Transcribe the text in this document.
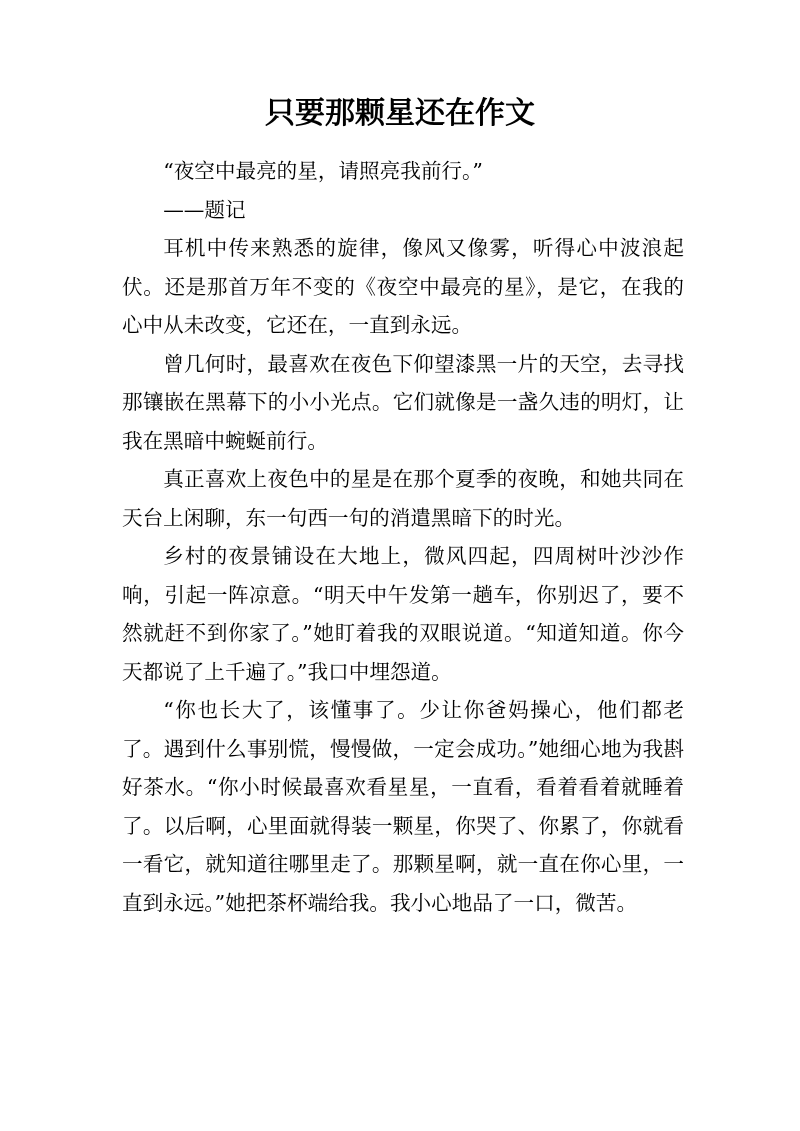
只要那颗星还在作文

“夜空中最亮的星，请照亮我前行。”

——题记

耳机中传来熟悉的旋律，像风又像雾，听得心中波浪起伏。还是那首万年不变的《夜空中最亮的星》，是它，在我的心中从未改变，它还在，一直到永远。

曾几何时，最喜欢在夜色下仰望漆黑一片的天空，去寻找那镶嵌在黑幕下的小小光点。它们就像是一盏久违的明灯，让我在黑暗中蜿蜒前行。

真正喜欢上夜色中的星是在那个夏季的夜晚，和她共同在天台上闲聊，东一句西一句的消遣黑暗下的时光。

乡村的夜景铺设在大地上，微风四起，四周树叶沙沙作响，引起一阵凉意。“明天中午发第一趟车，你别迟了，要不然就赶不到你家了。”她盯着我的双眼说道。“知道知道。你今天都说了上千遍了。”我口中埋怨道。

“你也长大了，该懂事了。少让你爸妈操心，他们都老了。遇到什么事别慌，慢慢做，一定会成功。”她细心地为我斟好茶水。“你小时候最喜欢看星星，一直看，看着看着就睡着了。以后啊，心里面就得装一颗星，你哭了、你累了，你就看一看它，就知道往哪里走了。那颗星啊，就一直在你心里，一直到永远。”她把茶杯端给我。我小心地品了一口，微苦。
